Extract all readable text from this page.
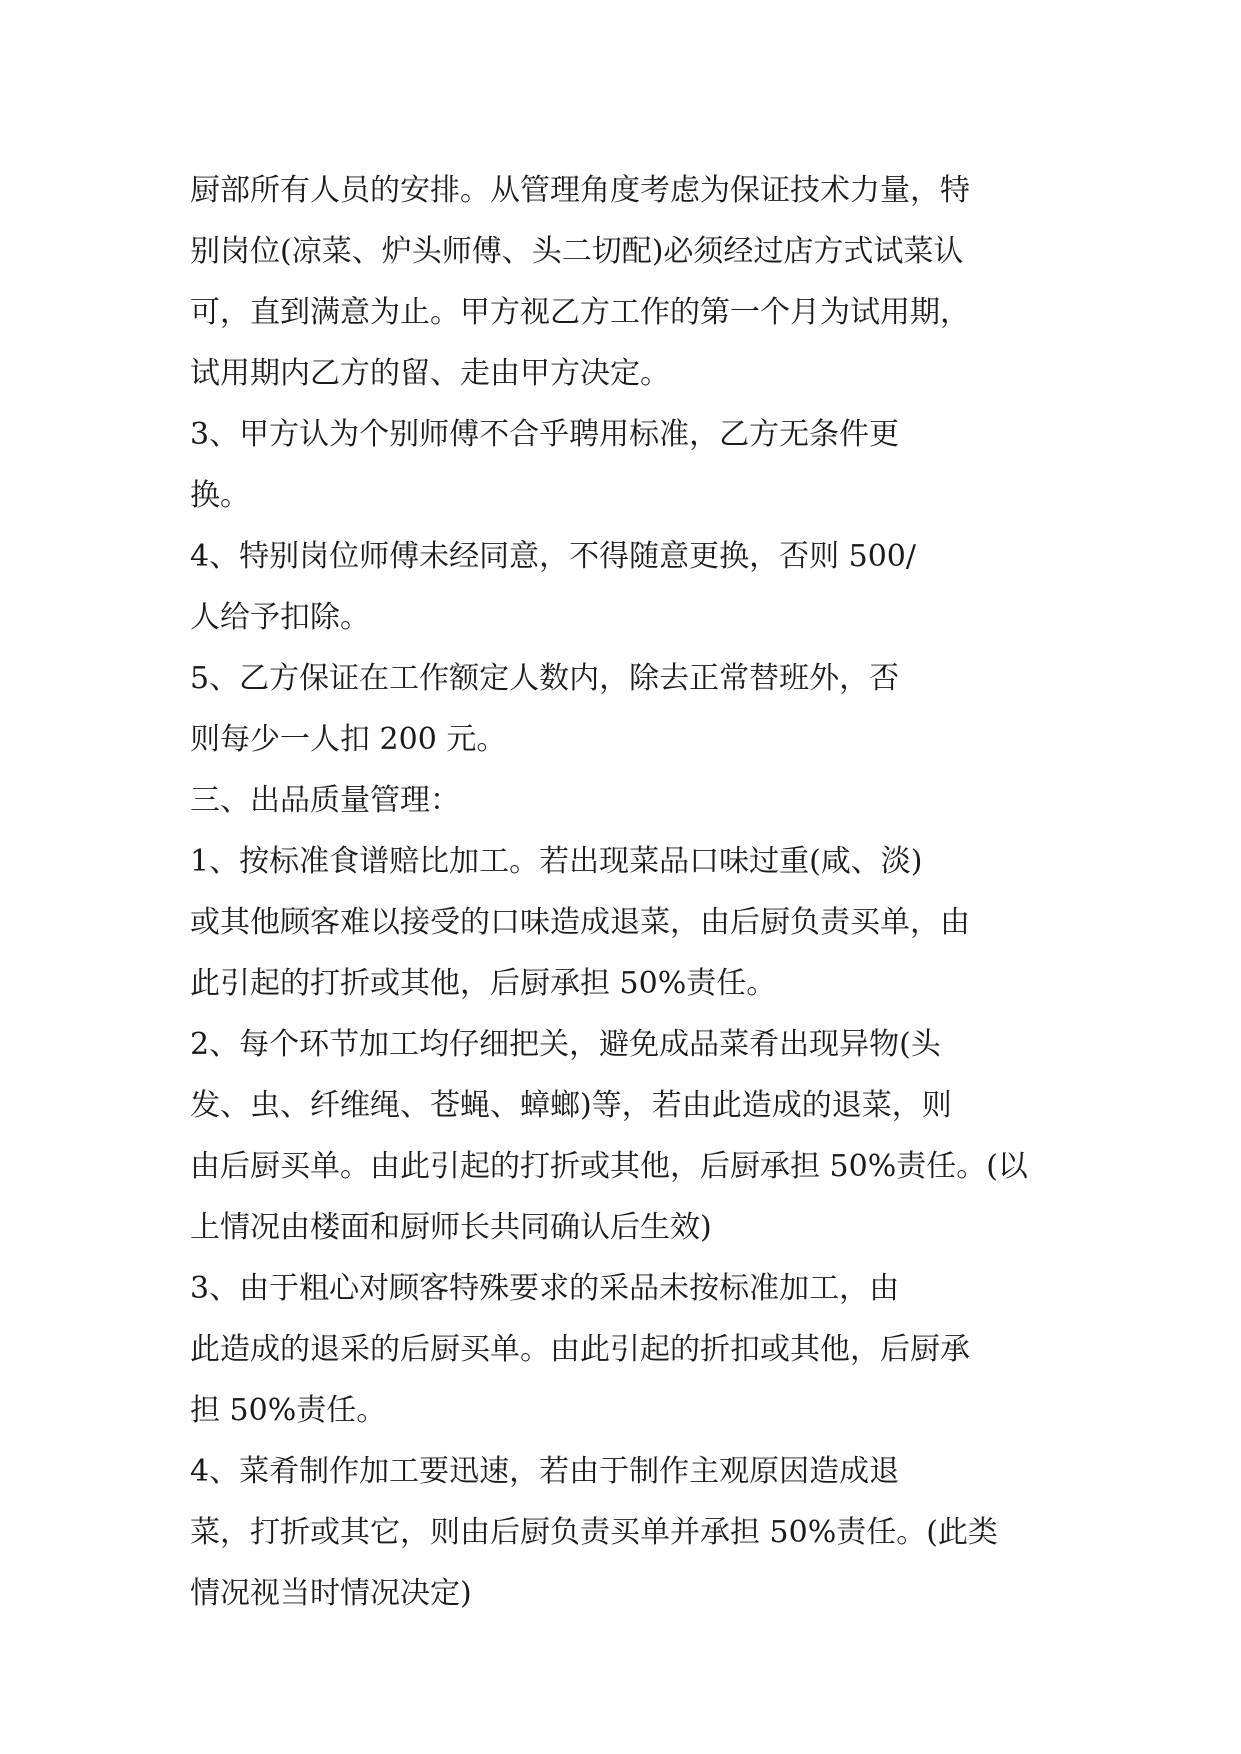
厨部所有人员的安排。从管理角度考虑为保证技术力量，特
别岗位(凉菜、炉头师傅、头二切配)必须经过店方式试菜认
可，直到满意为止。甲方视乙方工作的第一个月为试用期，
试用期内乙方的留、走由甲方决定。
3、甲方认为个别师傅不合乎聘用标准，乙方无条件更
换。
4、特别岗位师傅未经同意，不得随意更换，否则 500/
人给予扣除。
5、乙方保证在工作额定人数内，除去正常替班外，否
则每少一人扣 200 元。
三、出品质量管理：
1、按标准食谱赔比加工。若出现菜品口味过重(咸、淡)
或其他顾客难以接受的口味造成退菜，由后厨负责买单，由
此引起的打折或其他，后厨承担 50%责任。
2、每个环节加工均仔细把关，避免成品菜肴出现异物(头
发、虫、纤维绳、苍蝇、蟑螂)等，若由此造成的退菜，则
由后厨买单。由此引起的打折或其他，后厨承担 50%责任。(以
上情况由楼面和厨师长共同确认后生效)
3、由于粗心对顾客特殊要求的采品未按标准加工，由
此造成的退采的后厨买单。由此引起的折扣或其他，后厨承
担 50%责任。
4、菜肴制作加工要迅速，若由于制作主观原因造成退
菜，打折或其它，则由后厨负责买单并承担 50%责任。(此类
情况视当时情况决定)
